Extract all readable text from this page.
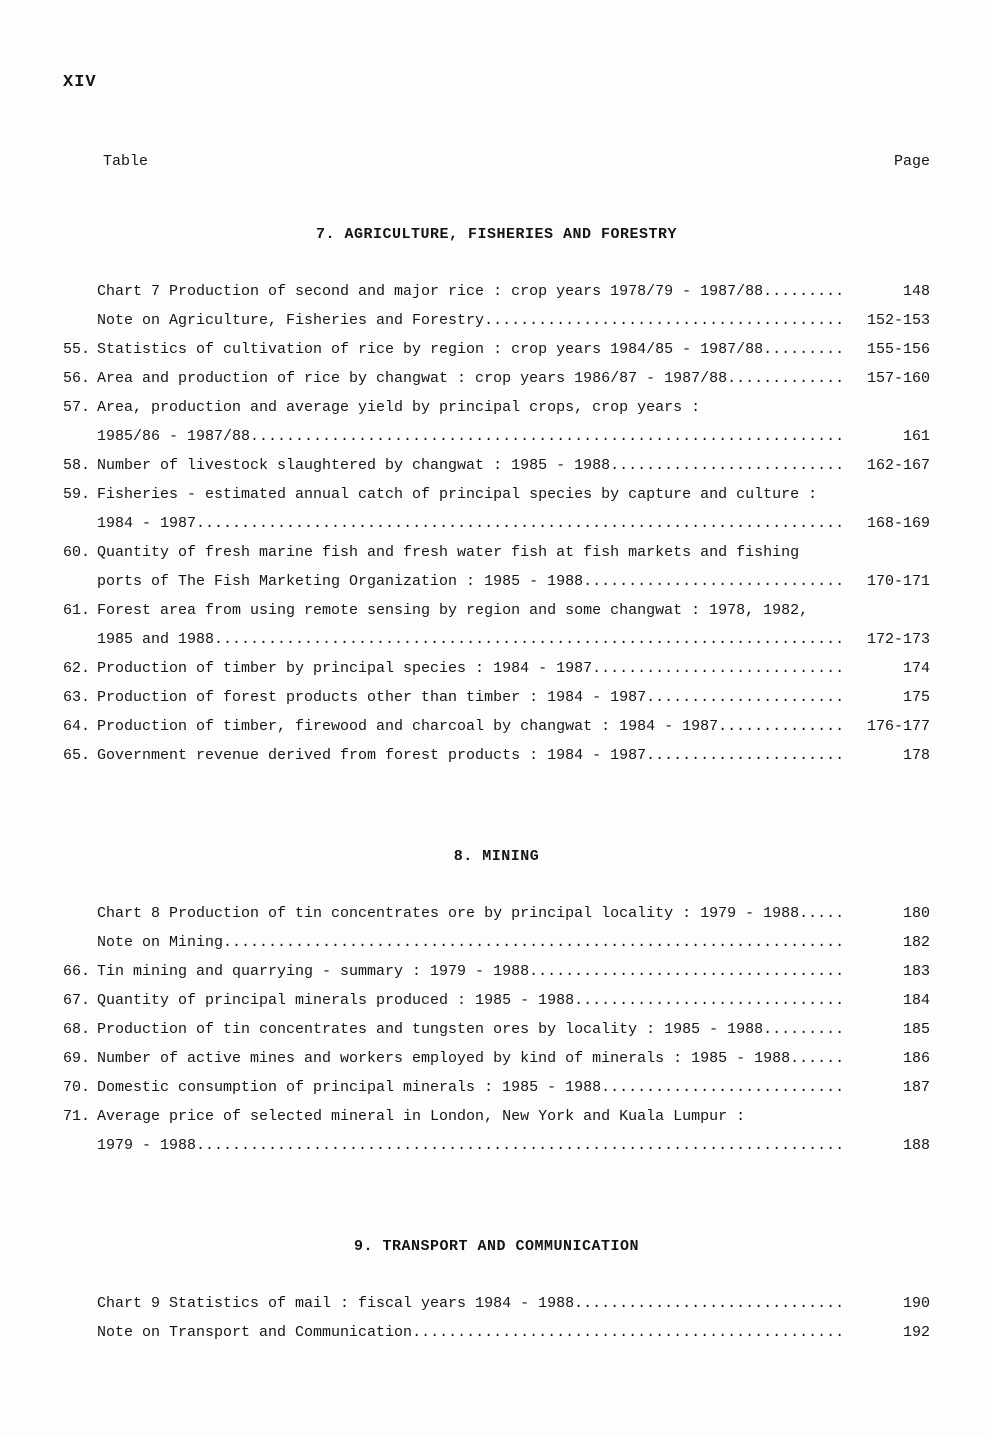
XIV
Table	Page
7. AGRICULTURE, FISHERIES AND FORESTRY
Chart 7 Production of second and major rice : crop years 1978/79 - 1987/88 .....	148
Note on Agriculture, Fisheries and Forestry .....	152-153
55. Statistics of cultivation of rice by region : crop years 1984/85 - 1987/88 .....	155-156
56. Area and production of rice by changwat : crop years 1986/87 - 1987/88 .....	157-160
57. Area, production and average yield by principal crops, crop years :
1985/86 - 1987/88 .....	161
58. Number of livestock slaughtered by changwat : 1985 - 1988 .....	162-167
59. Fisheries - estimated annual catch of principal species by capture and culture :
1984 - 1987 .....	168-169
60. Quantity of fresh marine fish and fresh water fish at fish markets and fishing
ports of The Fish Marketing Organization : 1985 - 1988 .....	170-171
61. Forest area from using remote sensing by region and some changwat : 1978, 1982,
1985 and 1988 .....	172-173
62. Production of timber by principal species : 1984 - 1987 .....	174
63. Production of forest products other than timber : 1984 - 1987 .....	175
64. Production of timber, firewood and charcoal by changwat : 1984 - 1987 .....	176-177
65. Government revenue derived from forest products : 1984 - 1987 .....	178
8. MINING
Chart 8 Production of tin concentrates ore by principal locality : 1979 - 1988 .....	180
Note on Mining .....	182
66. Tin mining and quarrying - summary : 1979 - 1988 .....	183
67. Quantity of principal minerals produced : 1985 - 1988 .....	184
68. Production of tin concentrates and tungsten ores by locality : 1985 - 1988 .....	185
69. Number of active mines and workers employed by kind of minerals : 1985 - 1988 .....	186
70. Domestic consumption of principal minerals : 1985 - 1988 .....	187
71. Average price of selected mineral in London, New York and Kuala Lumpur :
1979 - 1988 .....	188
9. TRANSPORT AND COMMUNICATION
Chart 9 Statistics of mail : fiscal years 1984 - 1988 .....	190
Note on Transport and Communication .....	192
